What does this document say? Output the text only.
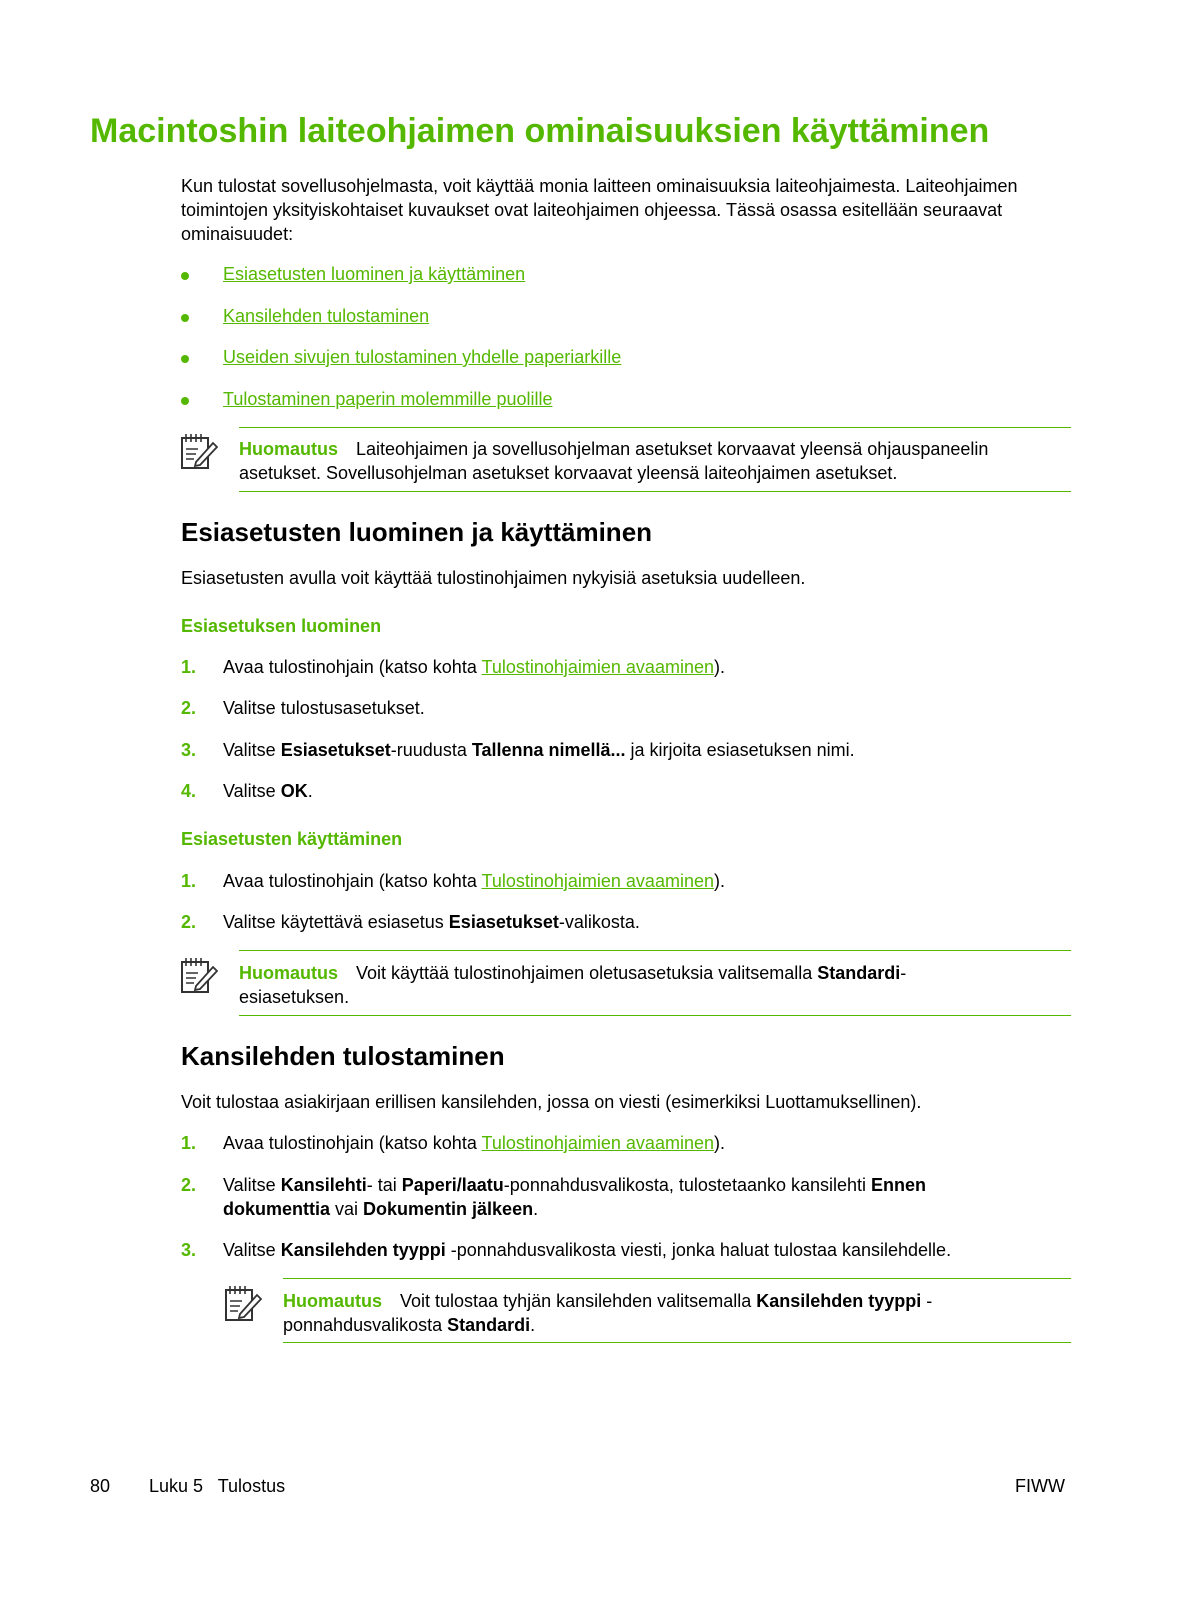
Macintoshin laiteohjaimen ominaisuuksien käyttäminen

Kun tulostat sovellusohjelmasta, voit käyttää monia laitteen ominaisuuksia laiteohjaimesta. Laiteohjaimen toimintojen yksityiskohtaiset kuvaukset ovat laiteohjaimen ohjeessa. Tässä osassa esitellään seuraavat ominaisuudet:

Esiasetusten luominen ja käyttäminen
Kansilehden tulostaminen
Useiden sivujen tulostaminen yhdelle paperiarkille
Tulostaminen paperin molemmille puolille
Huomautus Laiteohjaimen ja sovellusohjelman asetukset korvaavat yleensä ohjauspaneelin asetukset. Sovellusohjelman asetukset korvaavat yleensä laiteohjaimen asetukset.
Esiasetusten luominen ja käyttäminen

Esiasetusten avulla voit käyttää tulostinohjaimen nykyisiä asetuksia uudelleen.

Esiasetuksen luominen
1. Avaa tulostinohjain (katso kohta Tulostinohjaimien avaaminen).
2. Valitse tulostusasetukset.
3. Valitse Esiasetukset-ruudusta Tallenna nimellä... ja kirjoita esiasetuksen nimi.
4. Valitse OK.
Esiasetusten käyttäminen
1. Avaa tulostinohjain (katso kohta Tulostinohjaimien avaaminen).
2. Valitse käytettävä esiasetus Esiasetukset-valikosta.
Huomautus Voit käyttää tulostinohjaimen oletusasetuksia valitsemalla Standardi-esiasetuksen.
Kansilehden tulostaminen

Voit tulostaa asiakirjaan erillisen kansilehden, jossa on viesti (esimerkiksi Luottamuksellinen).

1. Avaa tulostinohjain (katso kohta Tulostinohjaimien avaaminen).
2. Valitse Kansilehti- tai Paperi/laatu-ponnahdusvalikosta, tulostetaanko kansilehti Ennen dokumenttia vai Dokumentin jälkeen.
3. Valitse Kansilehden tyyppi -ponnahdusvalikosta viesti, jonka haluat tulostaa kansilehdelle.
Huomautus Voit tulostaa tyhjän kansilehden valitsemalla Kansilehden tyyppi -ponnahdusvalikosta Standardi.
80 Luku 5   Tulostus	FIWW
